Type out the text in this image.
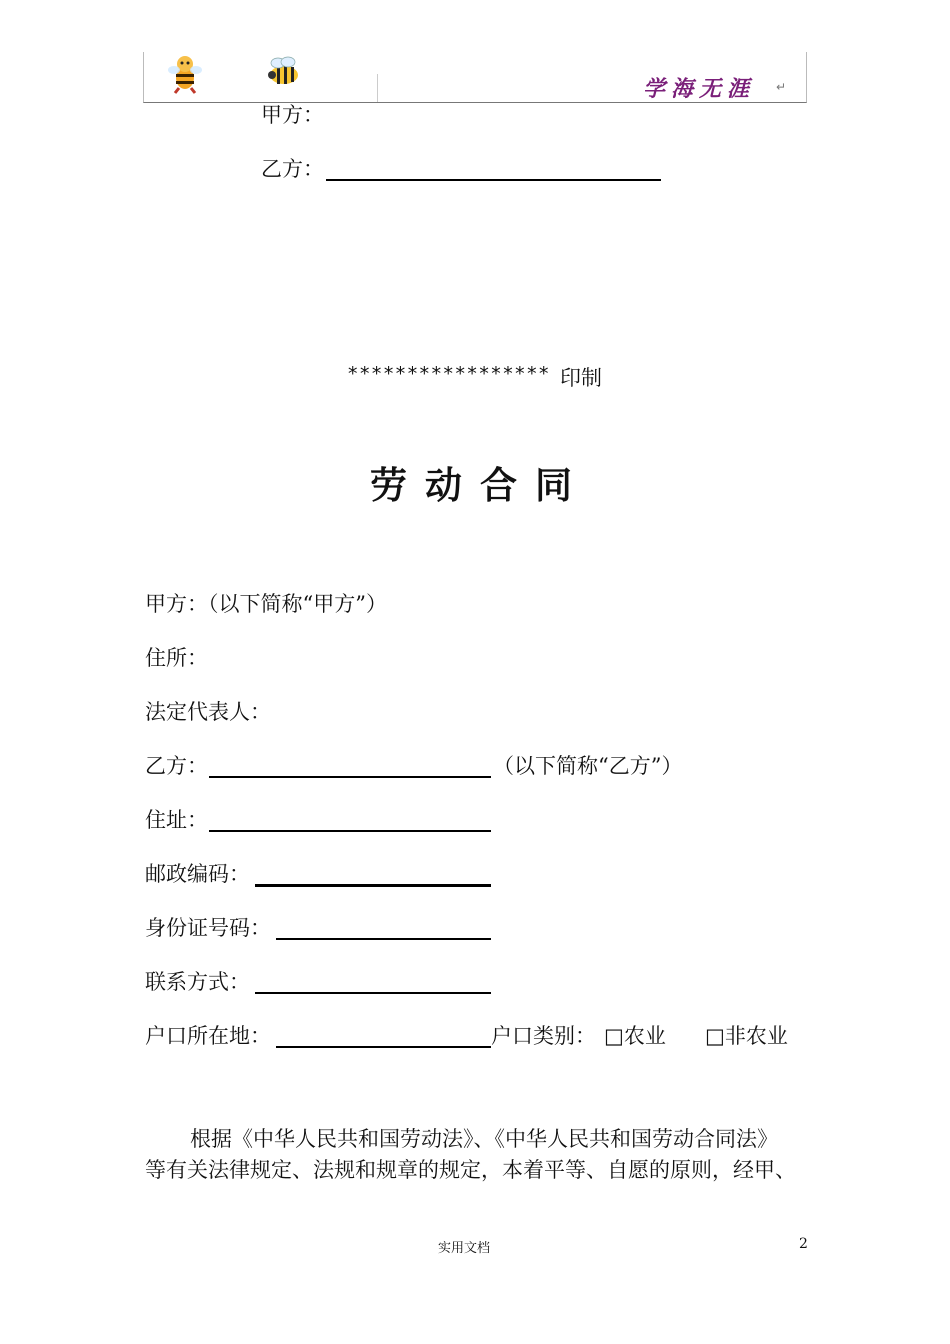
学海无涯 ↵
甲方：
乙方：
***************** 印制
劳动合同
甲方：（以下简称“甲方”）
住所：
法定代表人：
乙方：	（以下简称“乙方”）
住址：
邮政编码：
身份证号码：
联系方式：
户口所在地：	户口类别： □农业 □非农业
根据《中华人民共和国劳动法》、《中华人民共和国劳动合同法》
等有关法律规定、法规和规章的规定，本着平等、自愿的原则，经甲、
实用文档	2
